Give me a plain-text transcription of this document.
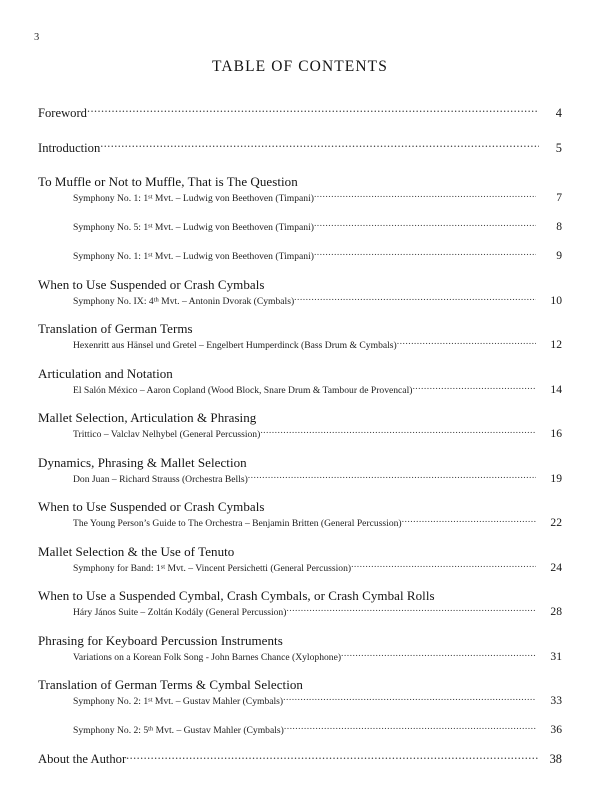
3
TABLE OF CONTENTS
Foreword .....	4
Introduction .....	5
To Muffle or Not to Muffle, That is The Question
Symphony No. 1: 1st Mvt. – Ludwig von Beethoven (Timpani) .....	7
Symphony No. 5: 1st Mvt. – Ludwig von Beethoven (Timpani) .....	8
Symphony No. 1: 1st Mvt. – Ludwig von Beethoven (Timpani) .....	9
When to Use Suspended or Crash Cymbals
Symphony No. IX: 4th Mvt. – Antonin Dvorak (Cymbals) .....	10
Translation of German Terms
Hexenritt aus Hänsel und Gretel – Engelbert Humperdinck (Bass Drum & Cymbals) .....	12
Articulation and Notation
El Salón México – Aaron Copland (Wood Block, Snare Drum & Tambour de Provencal) .....	14
Mallet Selection, Articulation & Phrasing
Trittico – Valclav Nelhybel (General Percussion) .....	16
Dynamics, Phrasing & Mallet Selection
Don Juan – Richard Strauss (Orchestra Bells) .....	19
When to Use Suspended or Crash Cymbals
The Young Person’s Guide to The Orchestra – Benjamin Britten (General Percussion) .....	22
Mallet Selection & the Use of Tenuto
Symphony for Band: 1st Mvt. – Vincent Persichetti (General Percussion) .....	24
When to Use a Suspended Cymbal, Crash Cymbals, or Crash Cymbal Rolls
Háry János Suite – Zoltán Kodály (General Percussion) .....	28
Phrasing for Keyboard Percussion Instruments
Variations on a Korean Folk Song - John Barnes Chance (Xylophone) .....	31
Translation of German Terms & Cymbal Selection
Symphony No. 2: 1st Mvt. – Gustav Mahler (Cymbals) .....	33
Symphony No. 2: 5th Mvt. – Gustav Mahler (Cymbals) .....	36
About the Author .....	38
